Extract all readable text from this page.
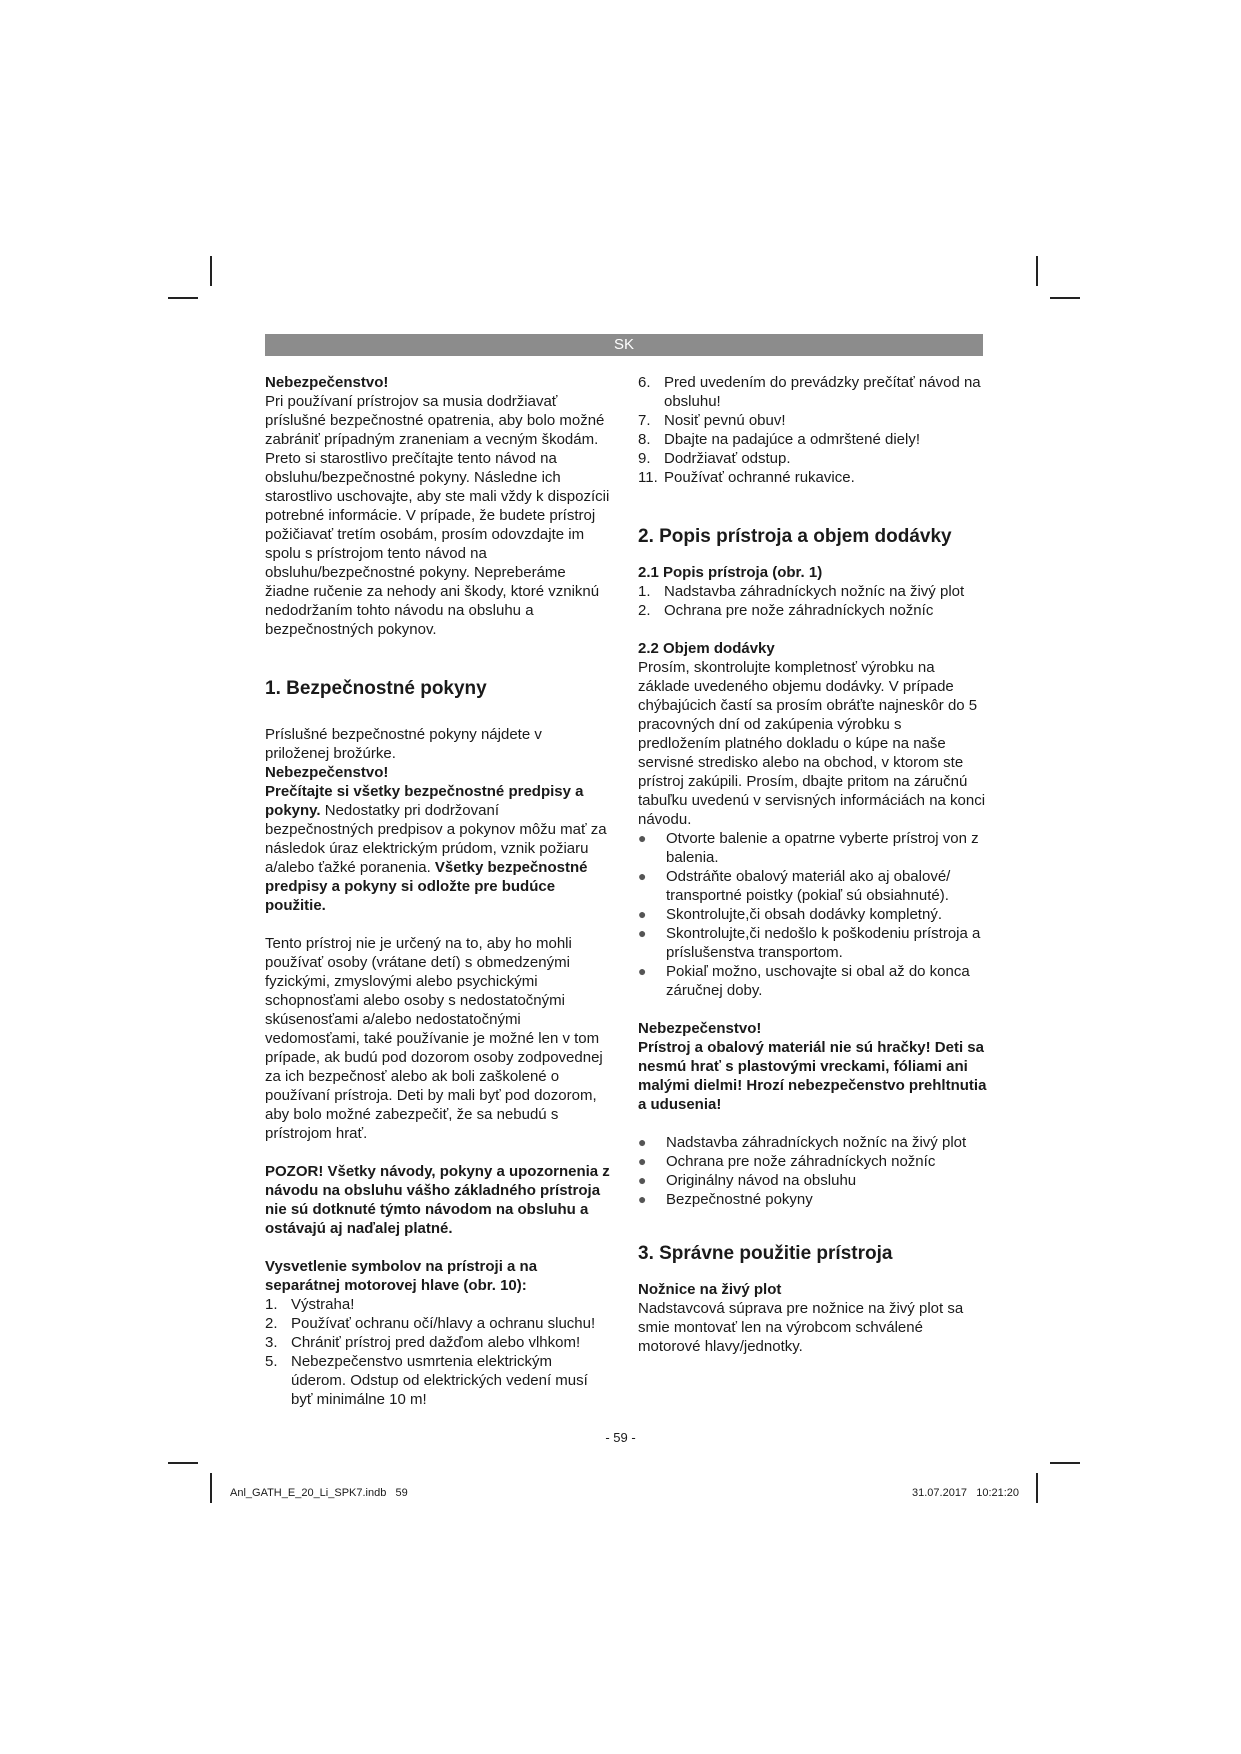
SK

Nebezpečenstvo!

Pri používaní prístrojov sa musia dodržiavať príslušné bezpečnostné opatrenia, aby bolo možné zabrániť prípadným zraneniam a vecným škodám. Preto si starostlivo prečítajte tento návod na obsluhu/bezpečnostné pokyny. Následne ich starostlivo uschovajte, aby ste mali vždy k dispozícii potrebné informácie. V prípade, že budete prístroj požičiavať tretím osobám, prosím odovzdajte im spolu s prístrojom tento návod na obsluhu/bezpečnostné pokyny. Nepreberáme žiadne ručenie za nehody ani škody, ktoré vzniknú nedodržaním tohto návodu na obsluhu a bezpečnostných pokynov.

1. Bezpečnostné pokyny

Príslušné bezpečnostné pokyny nájdete v priloženej brožúrke.

Nebezpečenstvo!

Prečítajte si všetky bezpečnostné predpisy a pokyny. Nedostatky pri dodržovaní bezpečnostných predpisov a pokynov môžu mať za následok úraz elektrickým prúdom, vznik požiaru a/alebo ťažké poranenia. Všetky bezpečnostné predpisy a pokyny si odložte pre budúce použitie.

Tento prístroj nie je určený na to, aby ho mohli používať osoby (vrátane detí) s obmedzenými fyzickými, zmyslovými alebo psychickými schopnosťami alebo osoby s nedostatočnými skúsenosťami a/alebo nedostatočnými vedomosťami, také používanie je možné len v tom prípade, ak budú pod dozorom osoby zodpovednej za ich bezpečnosť alebo ak boli zaškolené o používaní prístroja. Deti by mali byť pod dozorom, aby bolo možné zabezpečiť, že sa nebudú s prístrojom hrať.

POZOR! Všetky návody, pokyny a upozornenia z návodu na obsluhu vášho základného prístroja nie sú dotknuté týmto návodom na obsluhu a ostávajú aj naďalej platné.

Vysvetlenie symbolov na prístroji a na separátnej motorovej hlave (obr. 10):

1. Výstraha!
2. Používať ochranu očí/hlavy a ochranu sluchu!
3. Chrániť prístroj pred dažďom alebo vlhkom!
5. Nebezpečenstvo usmrtenia elektrickým úderom. Odstup od elektrických vedení musí byť minimálne 10 m!
6. Pred uvedením do prevádzky prečítať návod na obsluhu!
7. Nosiť pevnú obuv!
8. Dbajte na padajúce a odmrštené diely!
9. Dodržiavať odstup.
11. Používať ochranné rukavice.
2. Popis prístroja a objem dodávky

2.1 Popis prístroja (obr. 1)

1. Nadstavba záhradníckych nožníc na živý plot
2. Ochrana pre nože záhradníckych nožníc

2.2 Objem dodávky

Prosím, skontrolujte kompletnosť výrobku na základe uvedeného objemu dodávky. V prípade chýbajúcich častí sa prosím obráťte najneskôr do 5 pracovných dní od zakúpenia výrobku s predložením platného dokladu o kúpe na naše servisné stredisko alebo na obchod, v ktorom ste prístroj zakúpili. Prosím, dbajte pritom na záručnú tabuľku uvedenú v servisných informáciách na konci návodu.

● Otvorte balenie a opatrne vyberte prístroj von z balenia.
● Odstráňte obalový materiál ako aj obalové/ transportné poistky (pokiaľ sú obsiahnuté).
● Skontrolujte,či obsah dodávky kompletný.
● Skontrolujte,či nedošlo k poškodeniu prístroja a príslušenstva transportom.
● Pokiaľ možno, uschovajte si obal až do konca záručnej doby.

Nebezpečenstvo!

Prístroj a obalový materiál nie sú hračky! Deti sa nesmú hrať s plastovými vreckami, fóliami ani malými dielmi! Hrozí nebezpečenstvo prehltnutia a udusenia!

● Nadstavba záhradníckych nožníc na živý plot
● Ochrana pre nože záhradníckych nožníc
● Originálny návod na obsluhu
● Bezpečnostné pokyny
3. Správne použitie prístroja

Nožnice na živý plot

Nadstavcová súprava pre nožnice na živý plot sa smie montovať len na výrobcom schválené motorové hlavy/jednotky.

- 59 -
Anl_GATH_E_20_Li_SPK7.indb   59	31.07.2017   10:21:20
